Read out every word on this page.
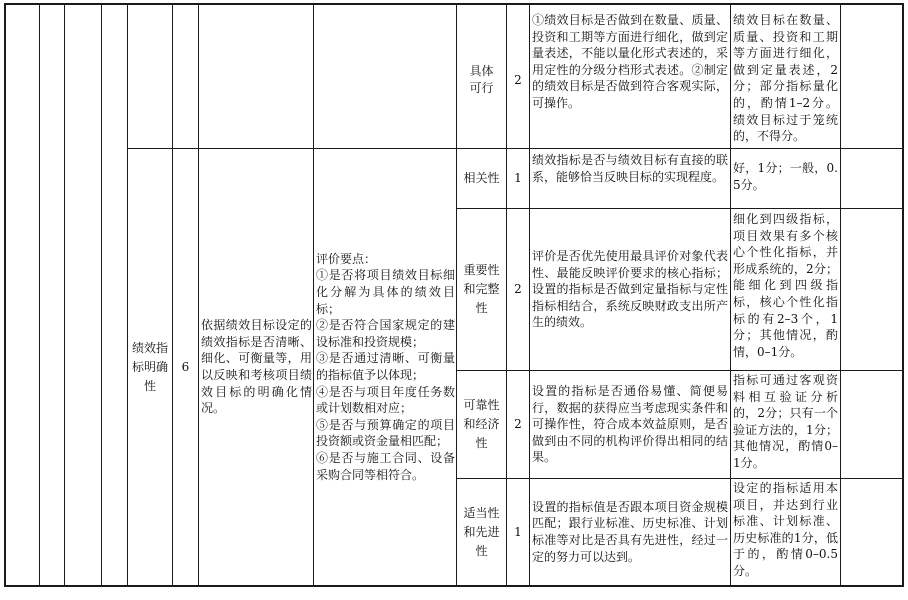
具体
可行
2
①绩效目标是否做到在数量、质量、投资和工期等方面进行细化，做到定量表述，不能以量化形式表述的，采用定性的分级分档形式表述。②制定的绩效目标是否做到符合客观实际，可操作。
绩效目标在数量、质量、投资和工期等方面进行细化，做到定量表述，2分；部分指标量化的，酌情1–2分。绩效目标过于笼统的，不得分。
绩效指
标明确
性
6
依据绩效目标设定的绩效指标是否清晰、细化、可衡量等，用以反映和考核项目绩效目标的明确化情况。
评价要点：
①是否将项目绩效目标细化分解为具体的绩效目标；
②是否符合国家规定的建设标准和投资规模；
③是否通过清晰、可衡量的指标值予以体现；
④是否与项目年度任务数或计划数相对应；
⑤是否与预算确定的项目投资额或资金量相匹配；
⑥是否与施工合同、设备采购合同等相符合。
相关性	1
绩效指标是否与绩效目标有直接的联系，能够恰当反映目标的实现程度。
好，1分；一般，0.5分。
重要性
和完整
性
2
评价是否优先使用最具评价对象代表性、最能反映评价要求的核心指标；设置的指标是否做到定量指标与定性指标相结合，系统反映财政支出所产生的绩效。
细化到四级指标，项目效果有多个核心个性化指标，并形成系统的，2分；能细化到四级指标，核心个性化指标的有2–3个，1分；其他情况，酌情，0–1分。
可靠性
和经济
性
2
设置的指标是否通俗易懂、简便易行，数据的获得应当考虑现实条件和可操作性，符合成本效益原则，是否做到由不同的机构评价得出相同的结果。
指标可通过客观资料相互验证分析的，2分；只有一个验证方法的，1分；其他情况，酌情0–1分。
适当性
和先进
性
1
设置的指标值是否跟本项目资金规模匹配；跟行业标准、历史标准、计划标准等对比是否具有先进性，经过一定的努力可以达到。
设定的指标适用本项目，并达到行业标准、计划标准、历史标准的1分，低于的，酌情0–0.5分。
